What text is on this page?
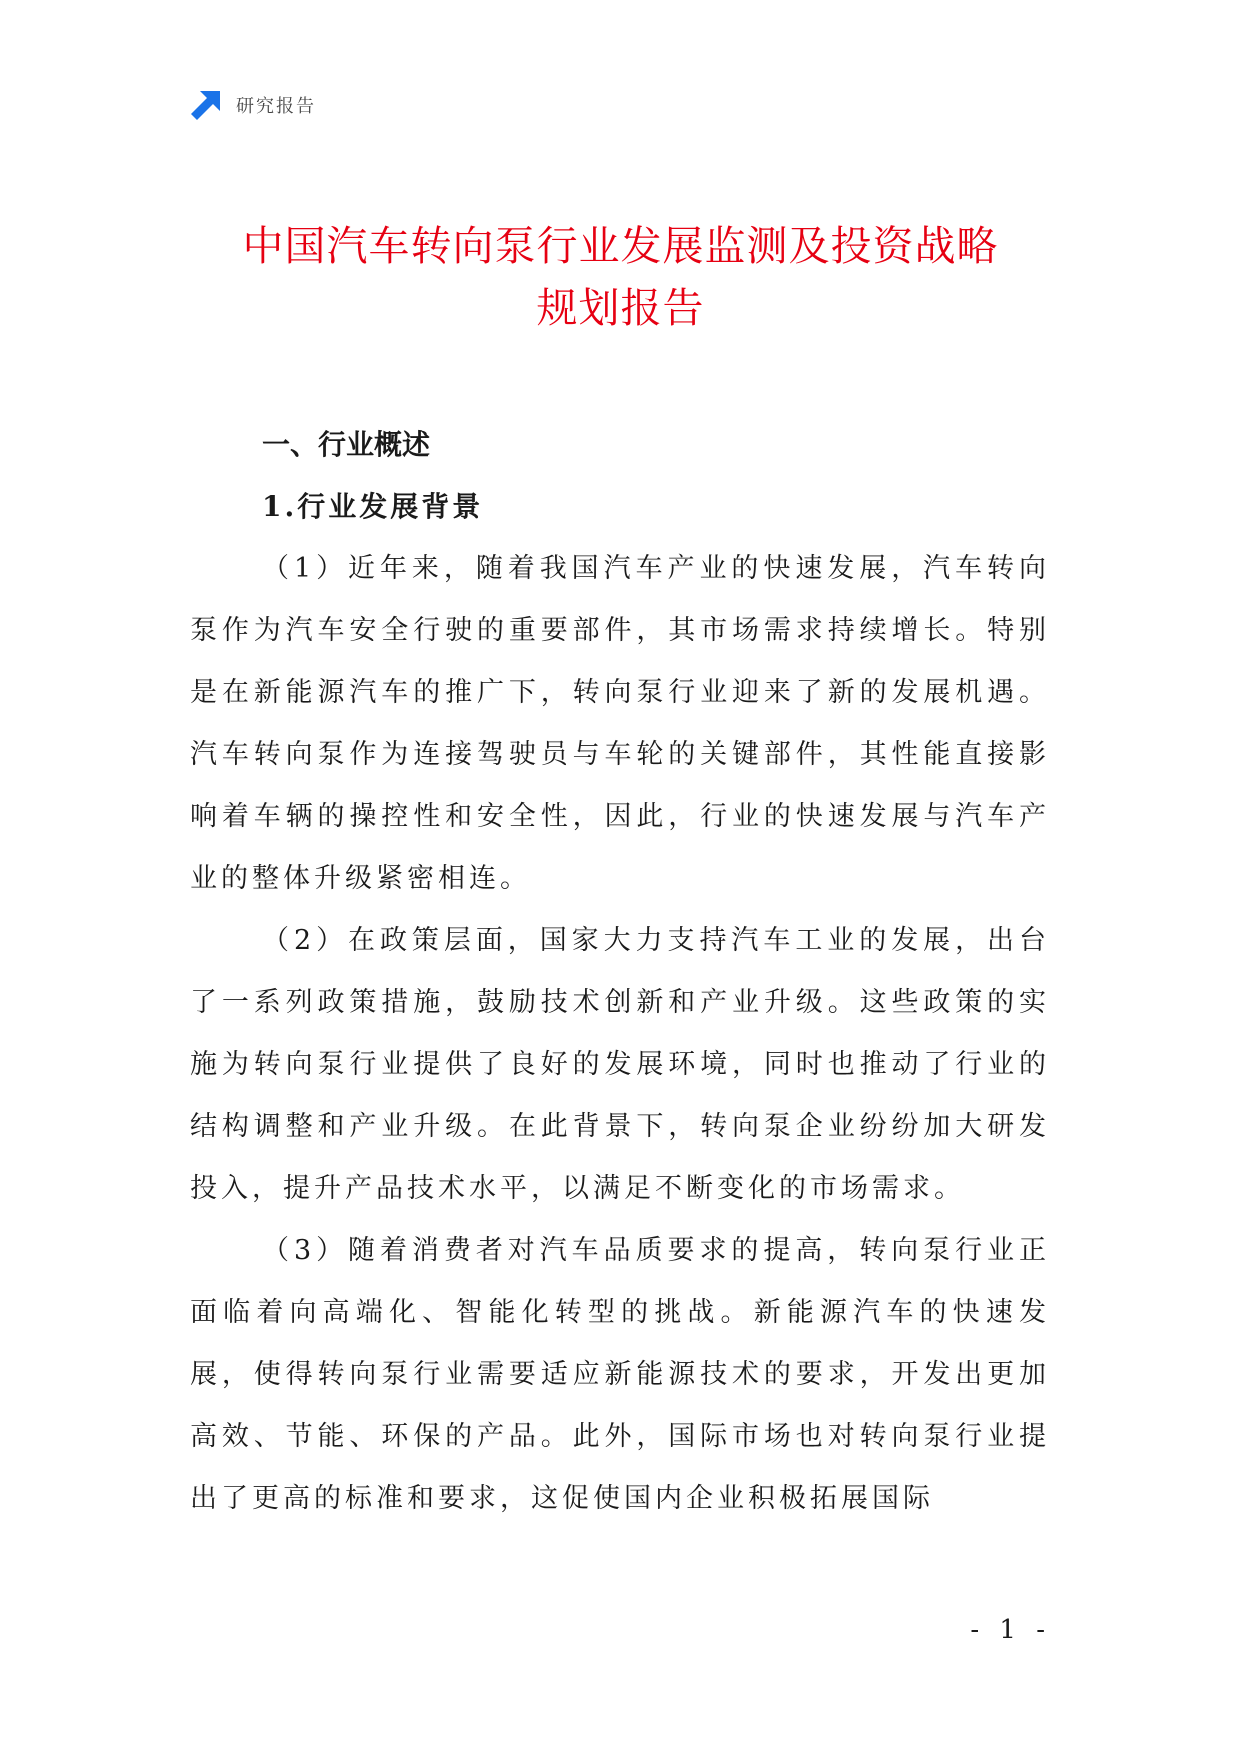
研究报告
中国汽车转向泵行业发展监测及投资战略
规划报告
一、行业概述
1.行业发展背景

（1）近年来，随着我国汽车产业的快速发展，汽车转向泵作为汽车安全行驶的重要部件，其市场需求持续增长。特别是在新能源汽车的推广下，转向泵行业迎来了新的发展机遇。汽车转向泵作为连接驾驶员与车轮的关键部件，其性能直接影响着车辆的操控性和安全性，因此，行业的快速发展与汽车产业的整体升级紧密相连。

（2）在政策层面，国家大力支持汽车工业的发展，出台了一系列政策措施，鼓励技术创新和产业升级。这些政策的实施为转向泵行业提供了良好的发展环境，同时也推动了行业的结构调整和产业升级。在此背景下，转向泵企业纷纷加大研发投入，提升产品技术水平，以满足不断变化的市场需求。

（3）随着消费者对汽车品质要求的提高，转向泵行业正面临着向高端化、智能化转型的挑战。新能源汽车的快速发展，使得转向泵行业需要适应新能源技术的要求，开发出更加高效、节能、环保的产品。此外，国际市场也对转向泵行业提出了更高的标准和要求，这促使国内企业积极拓展国际

- 1 -
